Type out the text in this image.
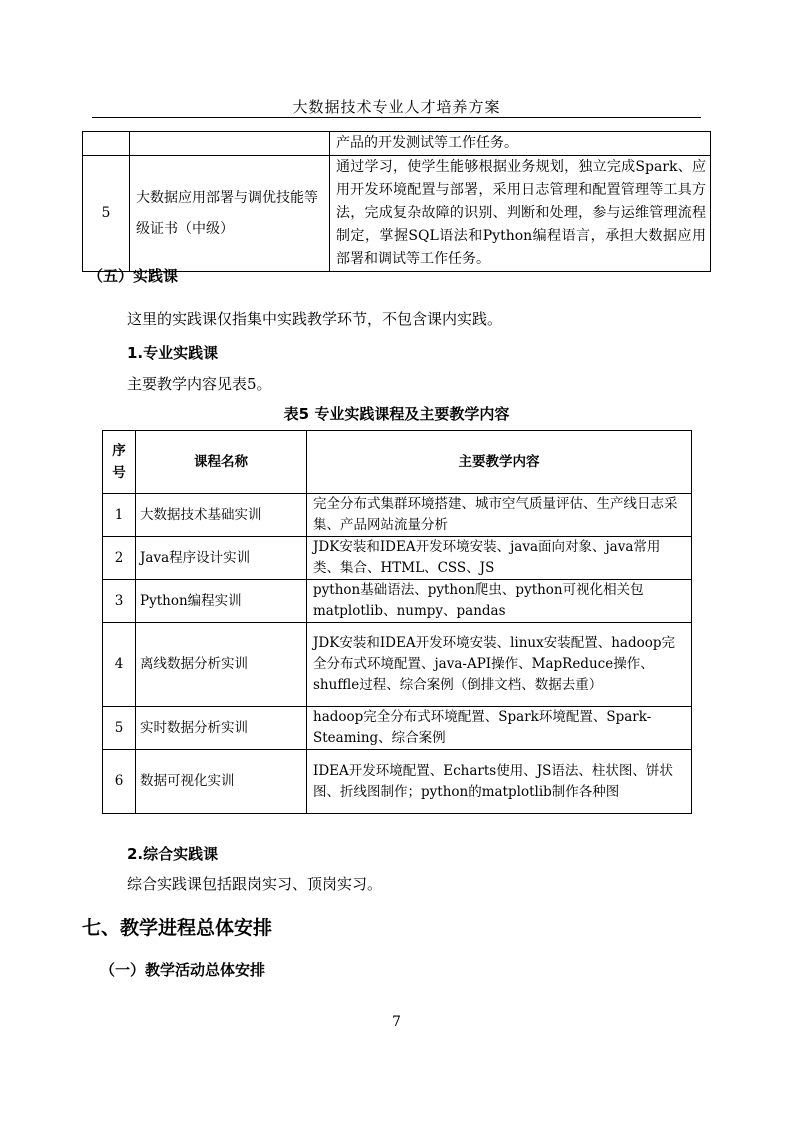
大数据技术专业人才培养方案
		产品的开发测试等工作任务。
5	大数据应用部署与调优技能等级证书（中级）	通过学习，使学生能够根据业务规划，独立完成Spark、应用开发环境配置与部署，采用日志管理和配置管理等工具方法，完成复杂故障的识别、判断和处理，参与运维管理流程制定，掌握SQL语法和Python编程语言，承担大数据应用部署和调试等工作任务。
（五）实践课
这里的实践课仅指集中实践教学环节，不包含课内实践。
1.专业实践课
主要教学内容见表5。
表5 专业实践课程及主要教学内容
序号	课程名称	主要教学内容
1	大数据技术基础实训	完全分布式集群环境搭建、城市空气质量评估、生产线日志采集、产品网站流量分析
2	Java程序设计实训	JDK安装和IDEA开发环境安装、java面向对象、java常用类、集合、HTML、CSS、JS
3	Python编程实训	python基础语法、python爬虫、python可视化相关包matplotlib、numpy、pandas
4	离线数据分析实训	JDK安装和IDEA开发环境安装、linux安装配置、hadoop完全分布式环境配置、java-API操作、MapReduce操作、shuffle过程、综合案例（倒排文档、数据去重）
5	实时数据分析实训	hadoop完全分布式环境配置、Spark环境配置、Spark-Steaming、综合案例
6	数据可视化实训	IDEA开发环境配置、Echarts使用、JS语法、柱状图、饼状图、折线图制作；python的matplotlib制作各种图
2.综合实践课
综合实践课包括跟岗实习、顶岗实习。
七、教学进程总体安排
（一）教学活动总体安排
7
